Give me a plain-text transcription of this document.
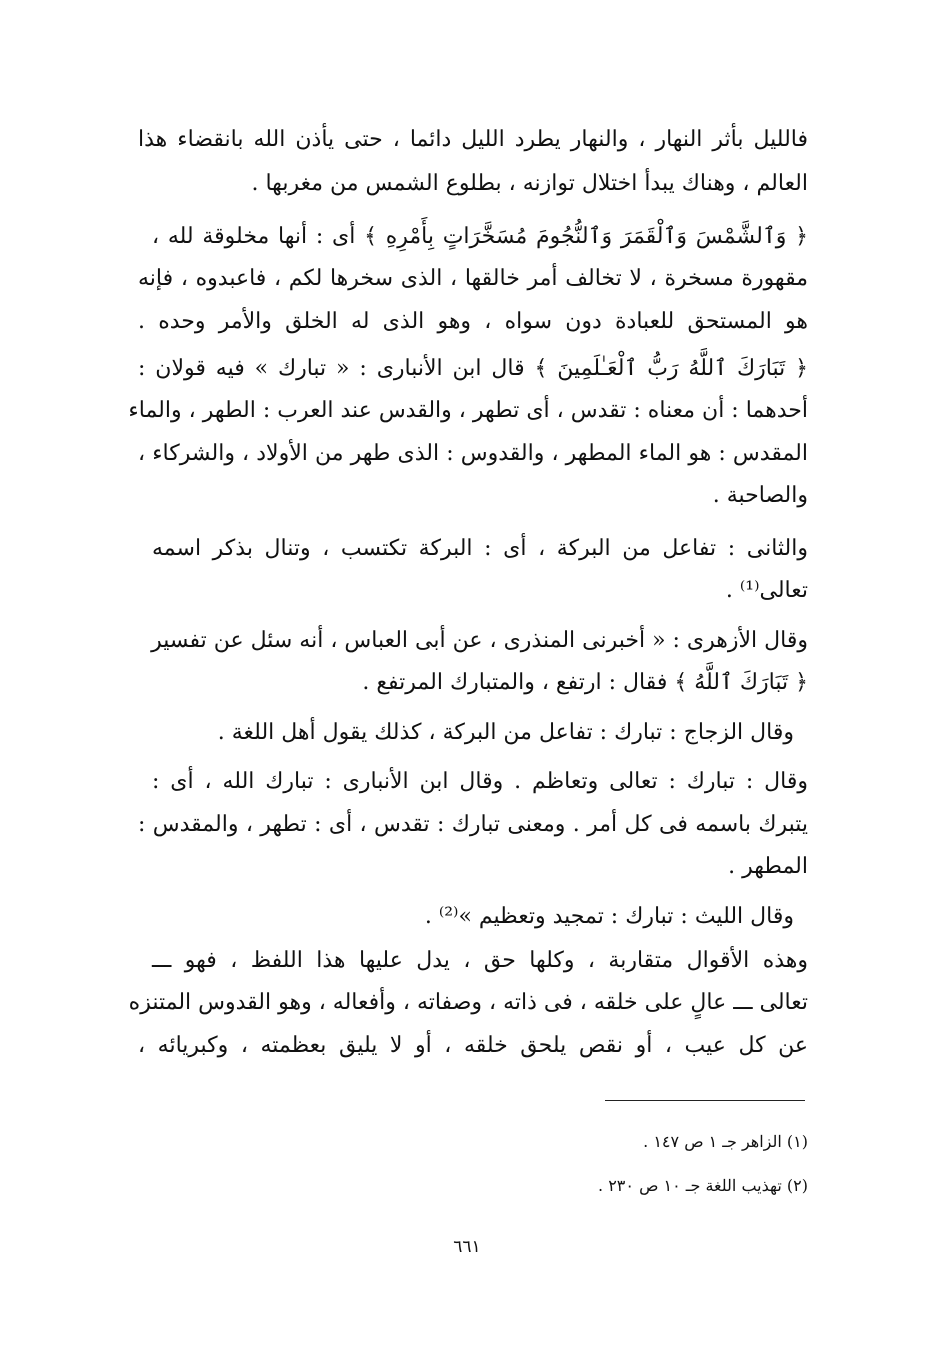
فالليل بأثر النهار ، والنهار يطرد الليل دائما ، حتى يأذن الله بانقضاء هذا
العالم ، وهناك يبدأ اختلال توازنه ، بطلوع الشمس من مغربها .
﴿ وَٱلشَّمْسَ وَٱلْقَمَرَ وَٱلنُّجُومَ مُسَخَّرَاتٍ بِأَمْرِهِ ﴾ أى : أنها مخلوقة لله ،
مقهورة مسخرة ، لا تخالف أمر خالقها ، الذى سخرها لكم ، فاعبدوه ، فإنه
هو المستحق للعبادة دون سواه ، وهو الذى له الخلق والأمر وحده .
﴿ تَبَارَكَ ٱللَّهُ رَبُّ ٱلْعَـٰلَمِينَ ﴾ قال ابن الأنبارى : « تبارك » فيه قولان :
أحدهما : أن معناه : تقدس ، أى تطهر ، والقدس عند العرب : الطهر ، والماء
المقدس : هو الماء المطهر ، والقدوس : الذى طهر من الأولاد ، والشركاء ،
والصاحبة .
والثانى : تفاعل من البركة ، أى : البركة تكتسب ، وتنال بذكر اسمه
تعالى⁽¹⁾ .
وقال الأزهرى : « أخبرنى المنذرى ، عن أبى العباس ، أنه سئل عن تفسير
﴿ تَبَارَكَ ٱللَّهُ ﴾ فقال : ارتفع ، والمتبارك المرتفع .
وقال الزجاج : تبارك : تفاعل من البركة ، كذلك يقول أهل اللغة .
وقال : تبارك : تعالى وتعاظم . وقال ابن الأنبارى : تبارك الله ، أى :
يتبرك باسمه فى كل أمر . ومعنى تبارك : تقدس ، أى : تطهر ، والمقدس :
المطهر .
وقال الليث : تبارك : تمجيد وتعظيم »⁽²⁾ .
وهذه الأقوال متقاربة ، وكلها حق ، يدل عليها هذا اللفظ ، فهو ـــ
تعالى ـــ عالٍ على خلقه ، فى ذاته ، وصفاته ، وأفعاله ، وهو القدوس المتنزه
عن كل عيب ، أو نقص يلحق خلقه ، أو لا يليق بعظمته ، وكبريائه ،
(١) الزاهر جـ ١ ص ١٤٧ .
(٢) تهذيب اللغة جـ ١٠ ص ٢٣٠ .
٦٦١
